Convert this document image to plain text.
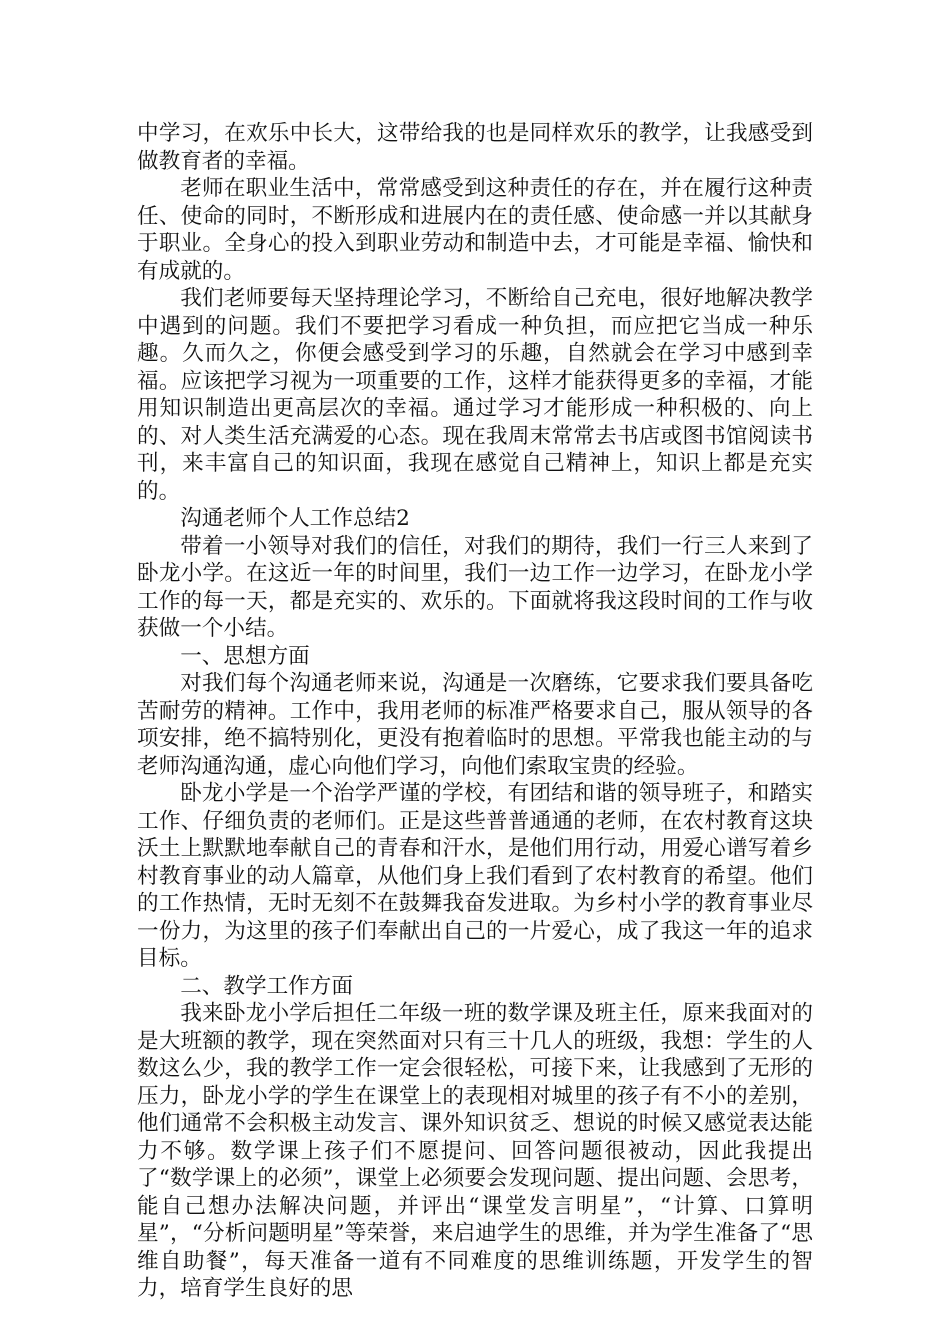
中学习，在欢乐中长大，这带给我的也是同样欢乐的教学，让我感受到做教育者的幸福。

老师在职业生活中，常常感受到这种责任的存在，并在履行这种责任、使命的同时，不断形成和进展内在的责任感、使命感一并以其献身于职业。全身心的投入到职业劳动和制造中去，才可能是幸福、愉快和有成就的。

我们老师要每天坚持理论学习，不断给自己充电，很好地解决教学中遇到的问题。我们不要把学习看成一种负担，而应把它当成一种乐趣。久而久之，你便会感受到学习的乐趣，自然就会在学习中感到幸福。应该把学习视为一项重要的工作，这样才能获得更多的幸福，才能用知识制造出更高层次的幸福。通过学习才能形成一种积极的、向上的、对人类生活充满爱的心态。现在我周末常常去书店或图书馆阅读书刊，来丰富自己的知识面，我现在感觉自己精神上，知识上都是充实的。

沟通老师个人工作总结2

带着一小领导对我们的信任，对我们的期待，我们一行三人来到了卧龙小学。在这近一年的时间里，我们一边工作一边学习，在卧龙小学工作的每一天，都是充实的、欢乐的。下面就将我这段时间的工作与收获做一个小结。

一、思想方面

对我们每个沟通老师来说，沟通是一次磨练，它要求我们要具备吃苦耐劳的精神。工作中，我用老师的标准严格要求自己，服从领导的各项安排，绝不搞特别化，更没有抱着临时的思想。平常我也能主动的与老师沟通沟通，虚心向他们学习，向他们索取宝贵的经验。

卧龙小学是一个治学严谨的学校，有团结和谐的领导班子，和踏实工作、仔细负责的老师们。正是这些普普通通的老师，在农村教育这块沃土上默默地奉献自己的青春和汗水，是他们用行动，用爱心谱写着乡村教育事业的动人篇章，从他们身上我们看到了农村教育的希望。他们的工作热情，无时无刻不在鼓舞我奋发进取。为乡村小学的教育事业尽一份力，为这里的孩子们奉献出自己的一片爱心，成了我这一年的追求目标。

二、教学工作方面

我来卧龙小学后担任二年级一班的数学课及班主任，原来我面对的是大班额的教学，现在突然面对只有三十几人的班级，我想：学生的人数这么少，我的教学工作一定会很轻松，可接下来，让我感到了无形的压力，卧龙小学的学生在课堂上的表现相对城里的孩子有不小的差别，他们通常不会积极主动发言、课外知识贫乏、想说的时候又感觉表达能力不够。数学课上孩子们不愿提问、回答问题很被动，因此我提出了“数学课上的必须”，课堂上必须要会发现问题、提出问题、会思考，能自己想办法解决问题，并评出“课堂发言明星”，“计算、口算明星”，“分析问题明星”等荣誉，来启迪学生的思维，并为学生准备了“思维自助餐”，每天准备一道有不同难度的思维训练题，开发学生的智力，培育学生良好的思
